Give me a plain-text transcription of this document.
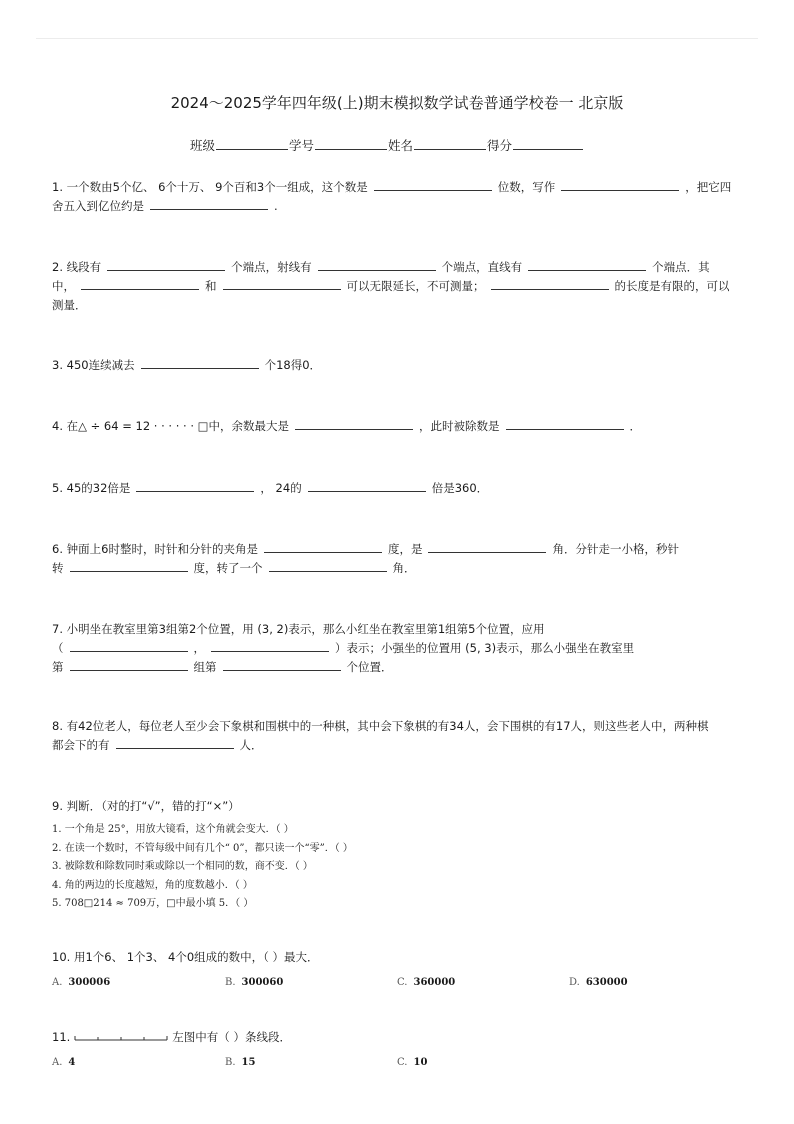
2024～2025学年四年级(上)期末模拟数学试卷普通学校卷一 北京版
班级	学号	姓名	得分

1. 一个数由5个亿、 6个十万、 9个百和3个一组成，这个数是	位数，写作	，把它四

舍五入到亿位约是	.

2. 线段有	个端点，射线有	个端点，直线有	个端点．其

中，	和	可以无限延长，不可测量；	的长度是有限的，可以

测量．

3. 450连续减去	个18得0．

4. 在△ ÷ 64 = 12 · · · · · · □中，余数最大是	，此时被除数是	．

5. 45的32倍是	， 24的	倍是360．

6. 钟面上6时整时，时针和分针的夹角是	度，是	角．分针走一小格，秒针

转	度，转了一个	角．

7. 小明坐在教室里第3组第2个位置，用 (3, 2)表示，那么小红坐在教室里第1组第5个位置，应用

（	，	）表示；小强坐的位置用 (5, 3)表示，那么小强坐在教室里

第	组第	个位置．

8. 有42位老人，每位老人至少会下象棋和围棋中的一种棋，其中会下象棋的有34人，会下围棋的有17人，则这些老人中，两种棋

都会下的有	人．

9. 判断．（对的打“√”，错的打“×”）

1. 一个角是 25°，用放大镜看，这个角就会变大．（ ）
2. 在读一个数时，不管每级中间有几个“ 0”，都只读一个“零”．（ ）
3. 被除数和除数同时乘或除以一个相同的数，商不变．（ ）
4. 角的两边的长度越短，角的度数越小．（ ）
5. 708□214 ≈ 709万，□中最小填 5．（ ）

10. 用1个6、 1个3、 4个0组成的数中，（ ）最大．

A. 300006	B. 300060	C. 360000	D. 630000

11.	左图中有（ ）条线段．

A. 4	B. 15	C. 10
